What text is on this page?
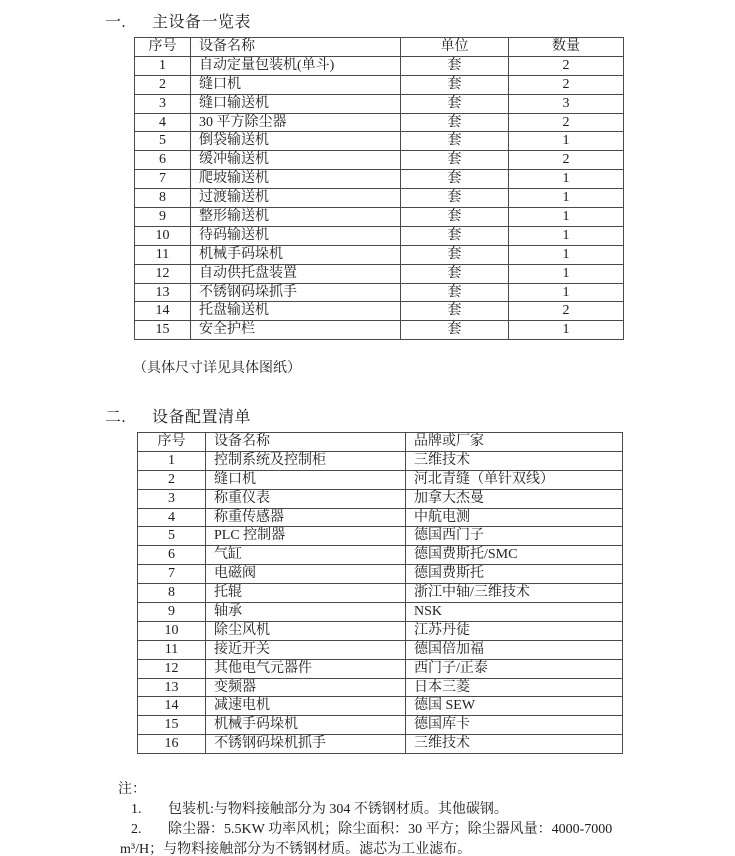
一. 主设备一览表
序号	设备名称	单位	数量
1	自动定量包装机(单斗)	套	2
2	缝口机	套	2
3	缝口输送机	套	3
4	30 平方除尘器	套	2
5	倒袋输送机	套	1
6	缓冲输送机	套	2
7	爬坡输送机	套	1
8	过渡输送机	套	1
9	整形输送机	套	1
10	待码输送机	套	1
11	机械手码垛机	套	1
12	自动供托盘装置	套	1
13	不锈钢码垛抓手	套	1
14	托盘输送机	套	2
15	安全护栏	套	1
（具体尺寸详见具体图纸）
二. 设备配置清单
序号	设备名称	品牌或厂家
1	控制系统及控制柜	三维技术
2	缝口机	河北青缝（单针双线）
3	称重仪表	加拿大杰曼
4	称重传感器	中航电测
5	PLC 控制器	德国西门子
6	气缸	德国费斯托/SMC
7	电磁阀	德国费斯托
8	托辊	浙江中轴/三维技术
9	轴承	NSK
10	除尘风机	江苏丹徒
11	接近开关	德国倍加福
12	其他电气元器件	西门子/正泰
13	变频器	日本三菱
14	减速电机	德国 SEW
15	机械手码垛机	德国库卡
16	不锈钢码垛机抓手	三维技术
注：
1. 包装机:与物料接触部分为 304 不锈钢材质。其他碳钢。
2. 除尘器：5.5KW 功率风机；除尘面积：30 平方；除尘器风量：4000-7000
m³/H；与物料接触部分为不锈钢材质。滤芯为工业滤布。
